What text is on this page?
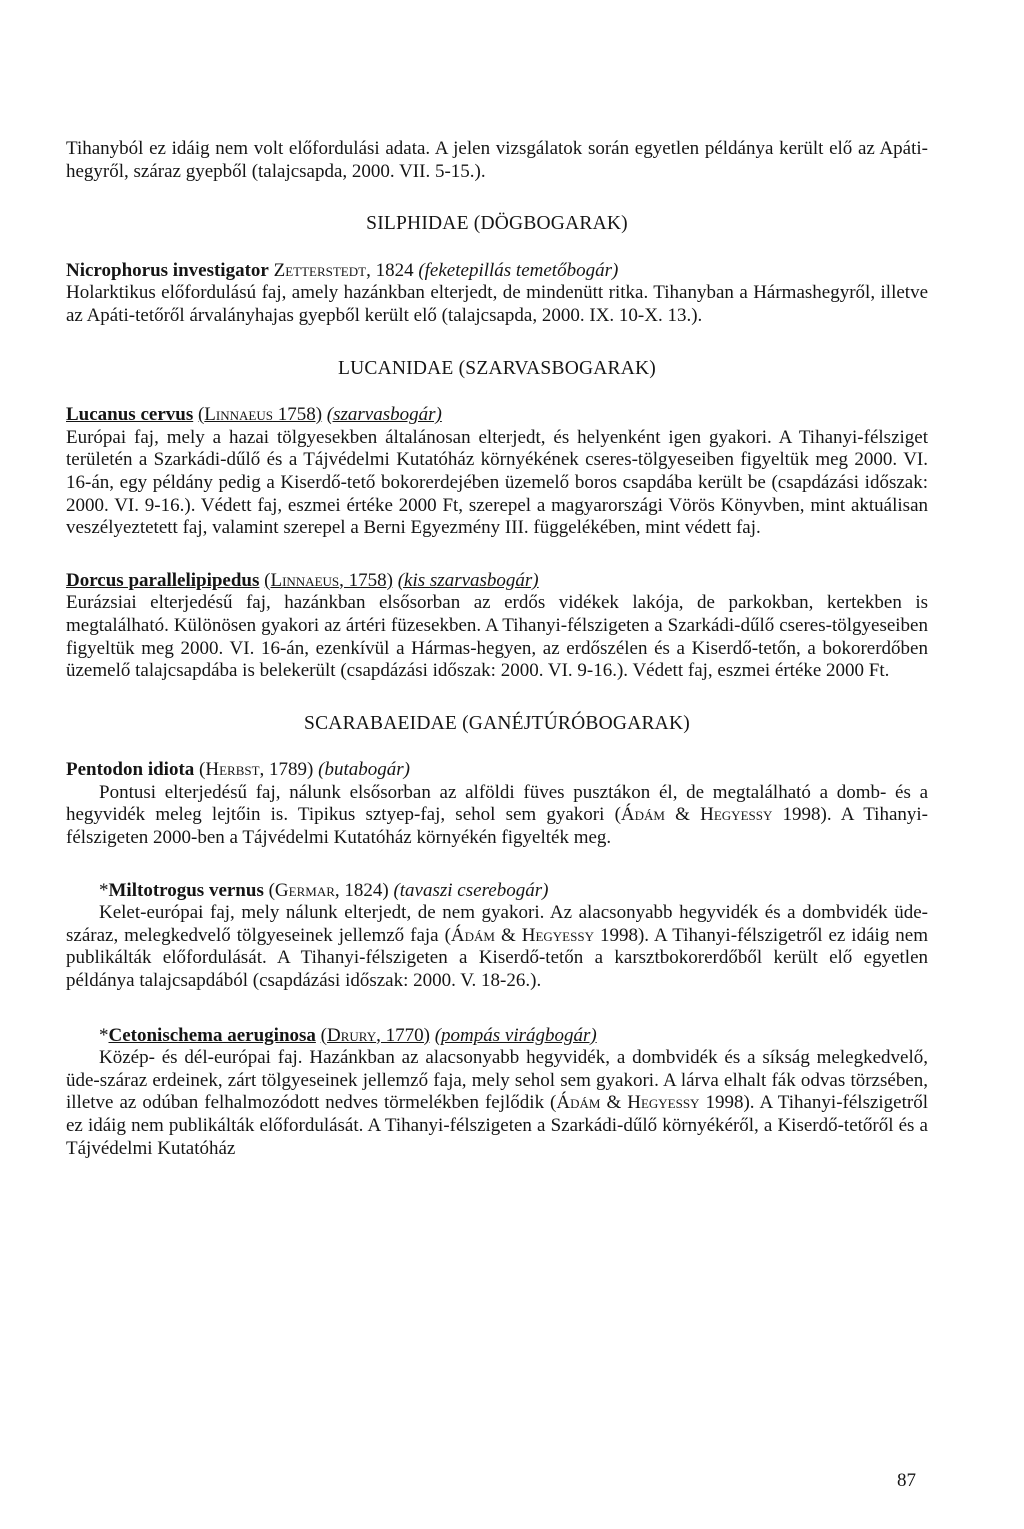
Tihanyból ez idáig nem volt előfordulási adata. A jelen vizsgálatok során egyetlen példánya került elő az Apáti-hegyről, száraz gyepből (talajcsapda, 2000. VII. 5-15.).

SILPHIDAE (DÖGBOGARAK)

Nicrophorus investigator Zetterstedt, 1824 (feketepillás temetőbogár)

Holarktikus előfordulású faj, amely hazánkban elterjedt, de mindenütt ritka. Tihanyban a Hármashegyről, illetve az Apáti-tetőről árvalányhajas gyepből került elő (talajcsapda, 2000. IX. 10-X. 13.).

LUCANIDAE (SZARVASBOGARAK)

Lucanus cervus (Linnaeus 1758) (szarvasbogár)

Európai faj, mely a hazai tölgyesekben általánosan elterjedt, és helyenként igen gyakori. A Tihanyi-félsziget területén a Szarkádi-dűlő és a Tájvédelmi Kutatóház környékének cseres-tölgyeseiben figyeltük meg 2000. VI. 16-án, egy példány pedig a Kiserdő-tető bokorerdejében üzemelő boros csapdába került be (csapdázási időszak: 2000. VI. 9-16.). Védett faj, eszmei értéke 2000 Ft, szerepel a magyarországi Vörös Könyvben, mint aktuálisan veszélyeztetett faj, valamint szerepel a Berni Egyezmény III. függelékében, mint védett faj.

Dorcus parallelipipedus (Linnaeus, 1758) (kis szarvasbogár)

Eurázsiai elterjedésű faj, hazánkban elsősorban az erdős vidékek lakója, de parkokban, kertekben is megtalálható. Különösen gyakori az ártéri füzesekben. A Tihanyi-félszigeten a Szarkádi-dűlő cseres-tölgyeseiben figyeltük meg 2000. VI. 16-án, ezenkívül a Hármas-hegyen, az erdőszélen és a Kiserdő-tetőn, a bokorerdőben üzemelő talajcsapdába is belekerült (csapdázási időszak: 2000. VI. 9-16.). Védett faj, eszmei értéke 2000 Ft.

SCARABAEIDAE (GANÉJTÚRÓBOGARAK)

Pentodon idiota (Herbst, 1789) (butabogár)

Pontusi elterjedésű faj, nálunk elsősorban az alföldi füves pusztákon él, de megtalálható a domb- és a hegyvidék meleg lejtőin is. Tipikus sztyep-faj, sehol sem gyakori (Ádám & Hegyessy 1998). A Tihanyi-félszigeten 2000-ben a Tájvédelmi Kutatóház környékén figyelték meg.

*Miltotrogus vernus (Germar, 1824) (tavaszi cserebogár)

Kelet-európai faj, mely nálunk elterjedt, de nem gyakori. Az alacsonyabb hegyvidék és a dombvidék üde-száraz, melegkedvelő tölgyeseinek jellemző faja (Ádám & Hegyessy 1998). A Tihanyi-félszigetről ez idáig nem publikálták előfordulását. A Tihanyi-félszigeten a Kiserdő-tetőn a karsztbokorerdőből került elő egyetlen példánya talajcsapdából (csapdázási időszak: 2000. V. 18-26.).

*Cetonischema aeruginosa (Drury, 1770) (pompás virágbogár)

Közép- és dél-európai faj. Hazánkban az alacsonyabb hegyvidék, a dombvidék és a síkság melegkedvelő, üde-száraz erdeinek, zárt tölgyeseinek jellemző faja, mely sehol sem gyakori. A lárva elhalt fák odvas törzsében, illetve az odúban felhalmozódott nedves törmelékben fejlődik (Ádám & Hegyessy 1998). A Tihanyi-félszigetről ez idáig nem publikálták előfordulását. A Tihanyi-félszigeten a Szarkádi-dűlő környékéről, a Kiserdő-tetőről és a Tájvédelmi Kutatóház

87
